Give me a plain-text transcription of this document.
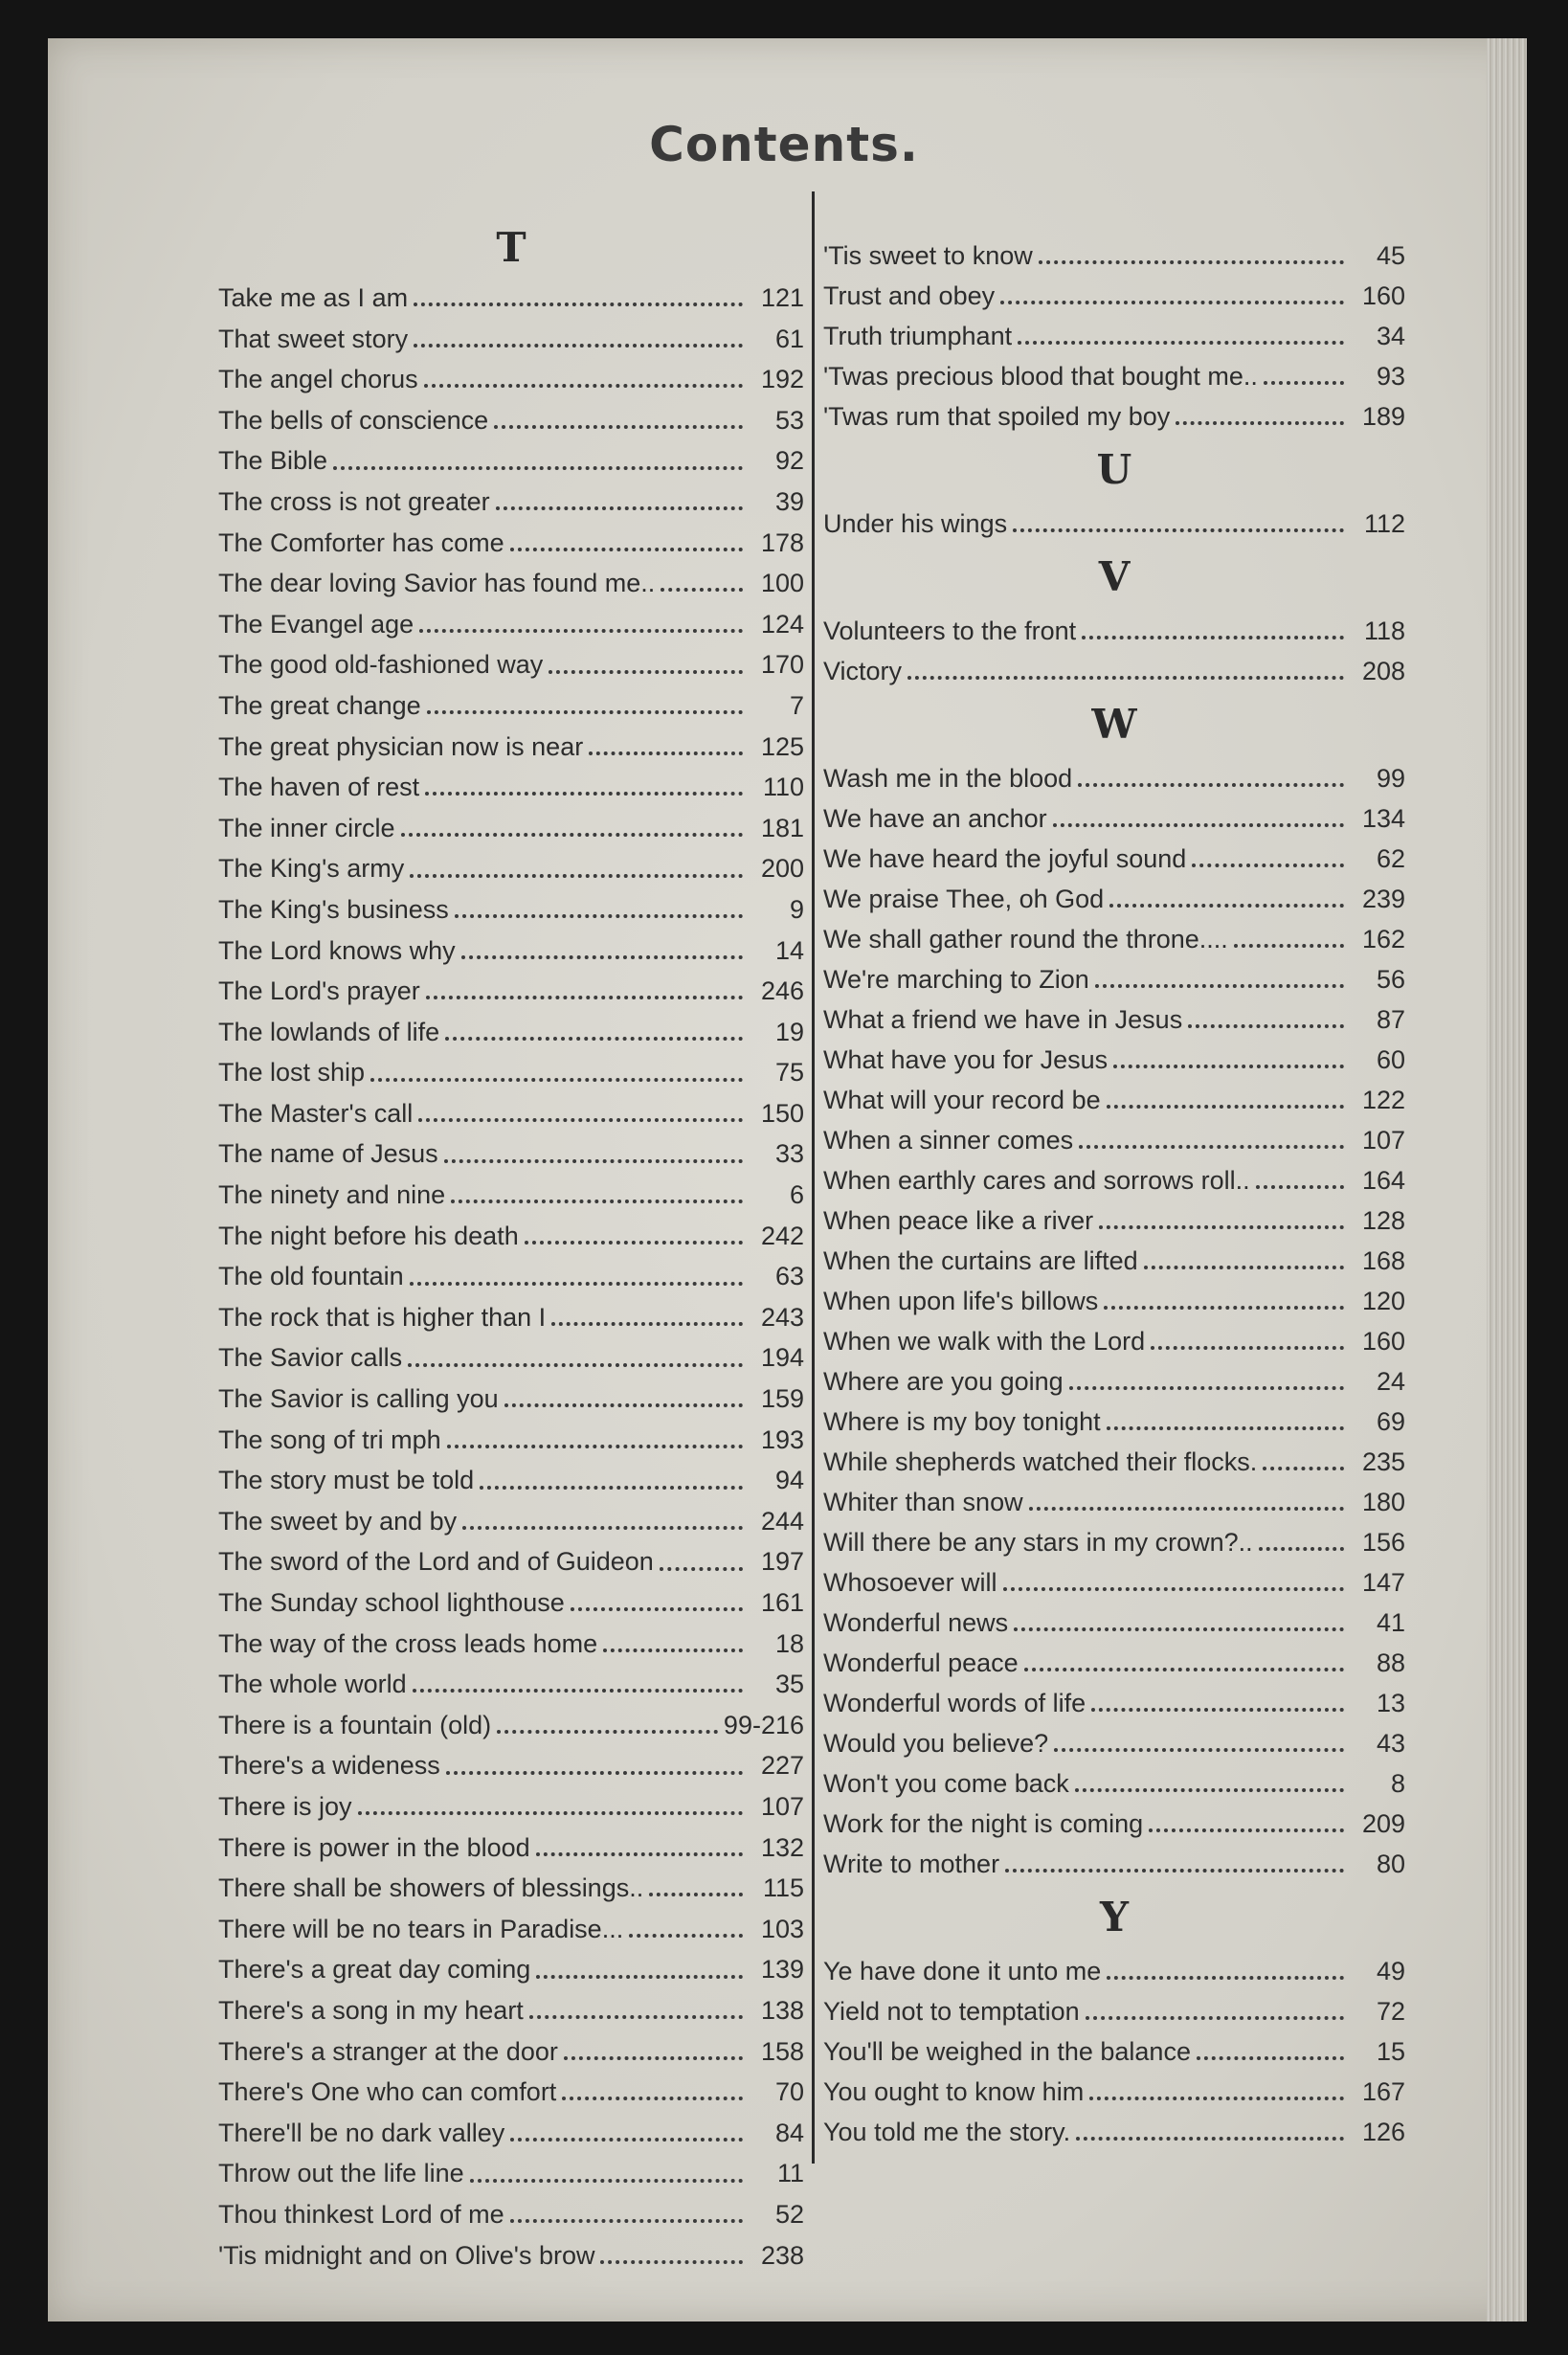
Contents.
T
Take me as I am	121
That sweet story	61
The angel chorus	192
The bells of conscience	53
The Bible	92
The cross is not greater	39
The Comforter has come	178
The dear loving Savior has found me..	100
The Evangel age	124
The good old-fashioned way	170
The great change	7
The great physician now is near	125
The haven of rest	110
The inner circle	181
The King's army	200
The King's business	9
The Lord knows why	14
The Lord's prayer	246
The lowlands of life	19
The lost ship	75
The Master's call	150
The name of Jesus	33
The ninety and nine	6
The night before his death	242
The old fountain	63
The rock that is higher than I	243
The Savior calls	194
The Savior is calling you	159
The song of tri mph	193
The story must be told	94
The sweet by and by	244
The sword of the Lord and of Guideon	197
The Sunday school lighthouse	161
The way of the cross leads home	18
The whole world	35
There is a fountain (old)	99-216
There's a wideness	227
There is joy	107
There is power in the blood	132
There shall be showers of blessings..	115
There will be no tears in Paradise...	103
There's a great day coming	139
There's a song in my heart	138
There's a stranger at the door	158
There's One who can comfort	70
There'll be no dark valley	84
Throw out the life line	11
Thou thinkest Lord of me	52
'Tis midnight and on Olive's brow	238
'Tis sweet to know	45
Trust and obey	160
Truth triumphant	34
'Twas precious blood that bought me..	93
'Twas rum that spoiled my boy	189
U
Under his wings	112
V
Volunteers to the front	118
Victory	208
W
Wash me in the blood	99
We have an anchor	134
We have heard the joyful sound	62
We praise Thee, oh God	239
We shall gather round the throne....	162
We're marching to Zion	56
What a friend we have in Jesus	87
What have you for Jesus	60
What will your record be	122
When a sinner comes	107
When earthly cares and sorrows roll..	164
When peace like a river	128
When the curtains are lifted	168
When upon life's billows	120
When we walk with the Lord	160
Where are you going	24
Where is my boy tonight	69
While shepherds watched their flocks.	235
Whiter than snow	180
Will there be any stars in my crown?..	156
Whosoever will	147
Wonderful news	41
Wonderful peace	88
Wonderful words of life	13
Would you believe?	43
Won't you come back	8
Work for the night is coming	209
Write to mother	80
Y
Ye have done it unto me	49
Yield not to temptation	72
You'll be weighed in the balance	15
You ought to know him	167
You told me the story.	126
